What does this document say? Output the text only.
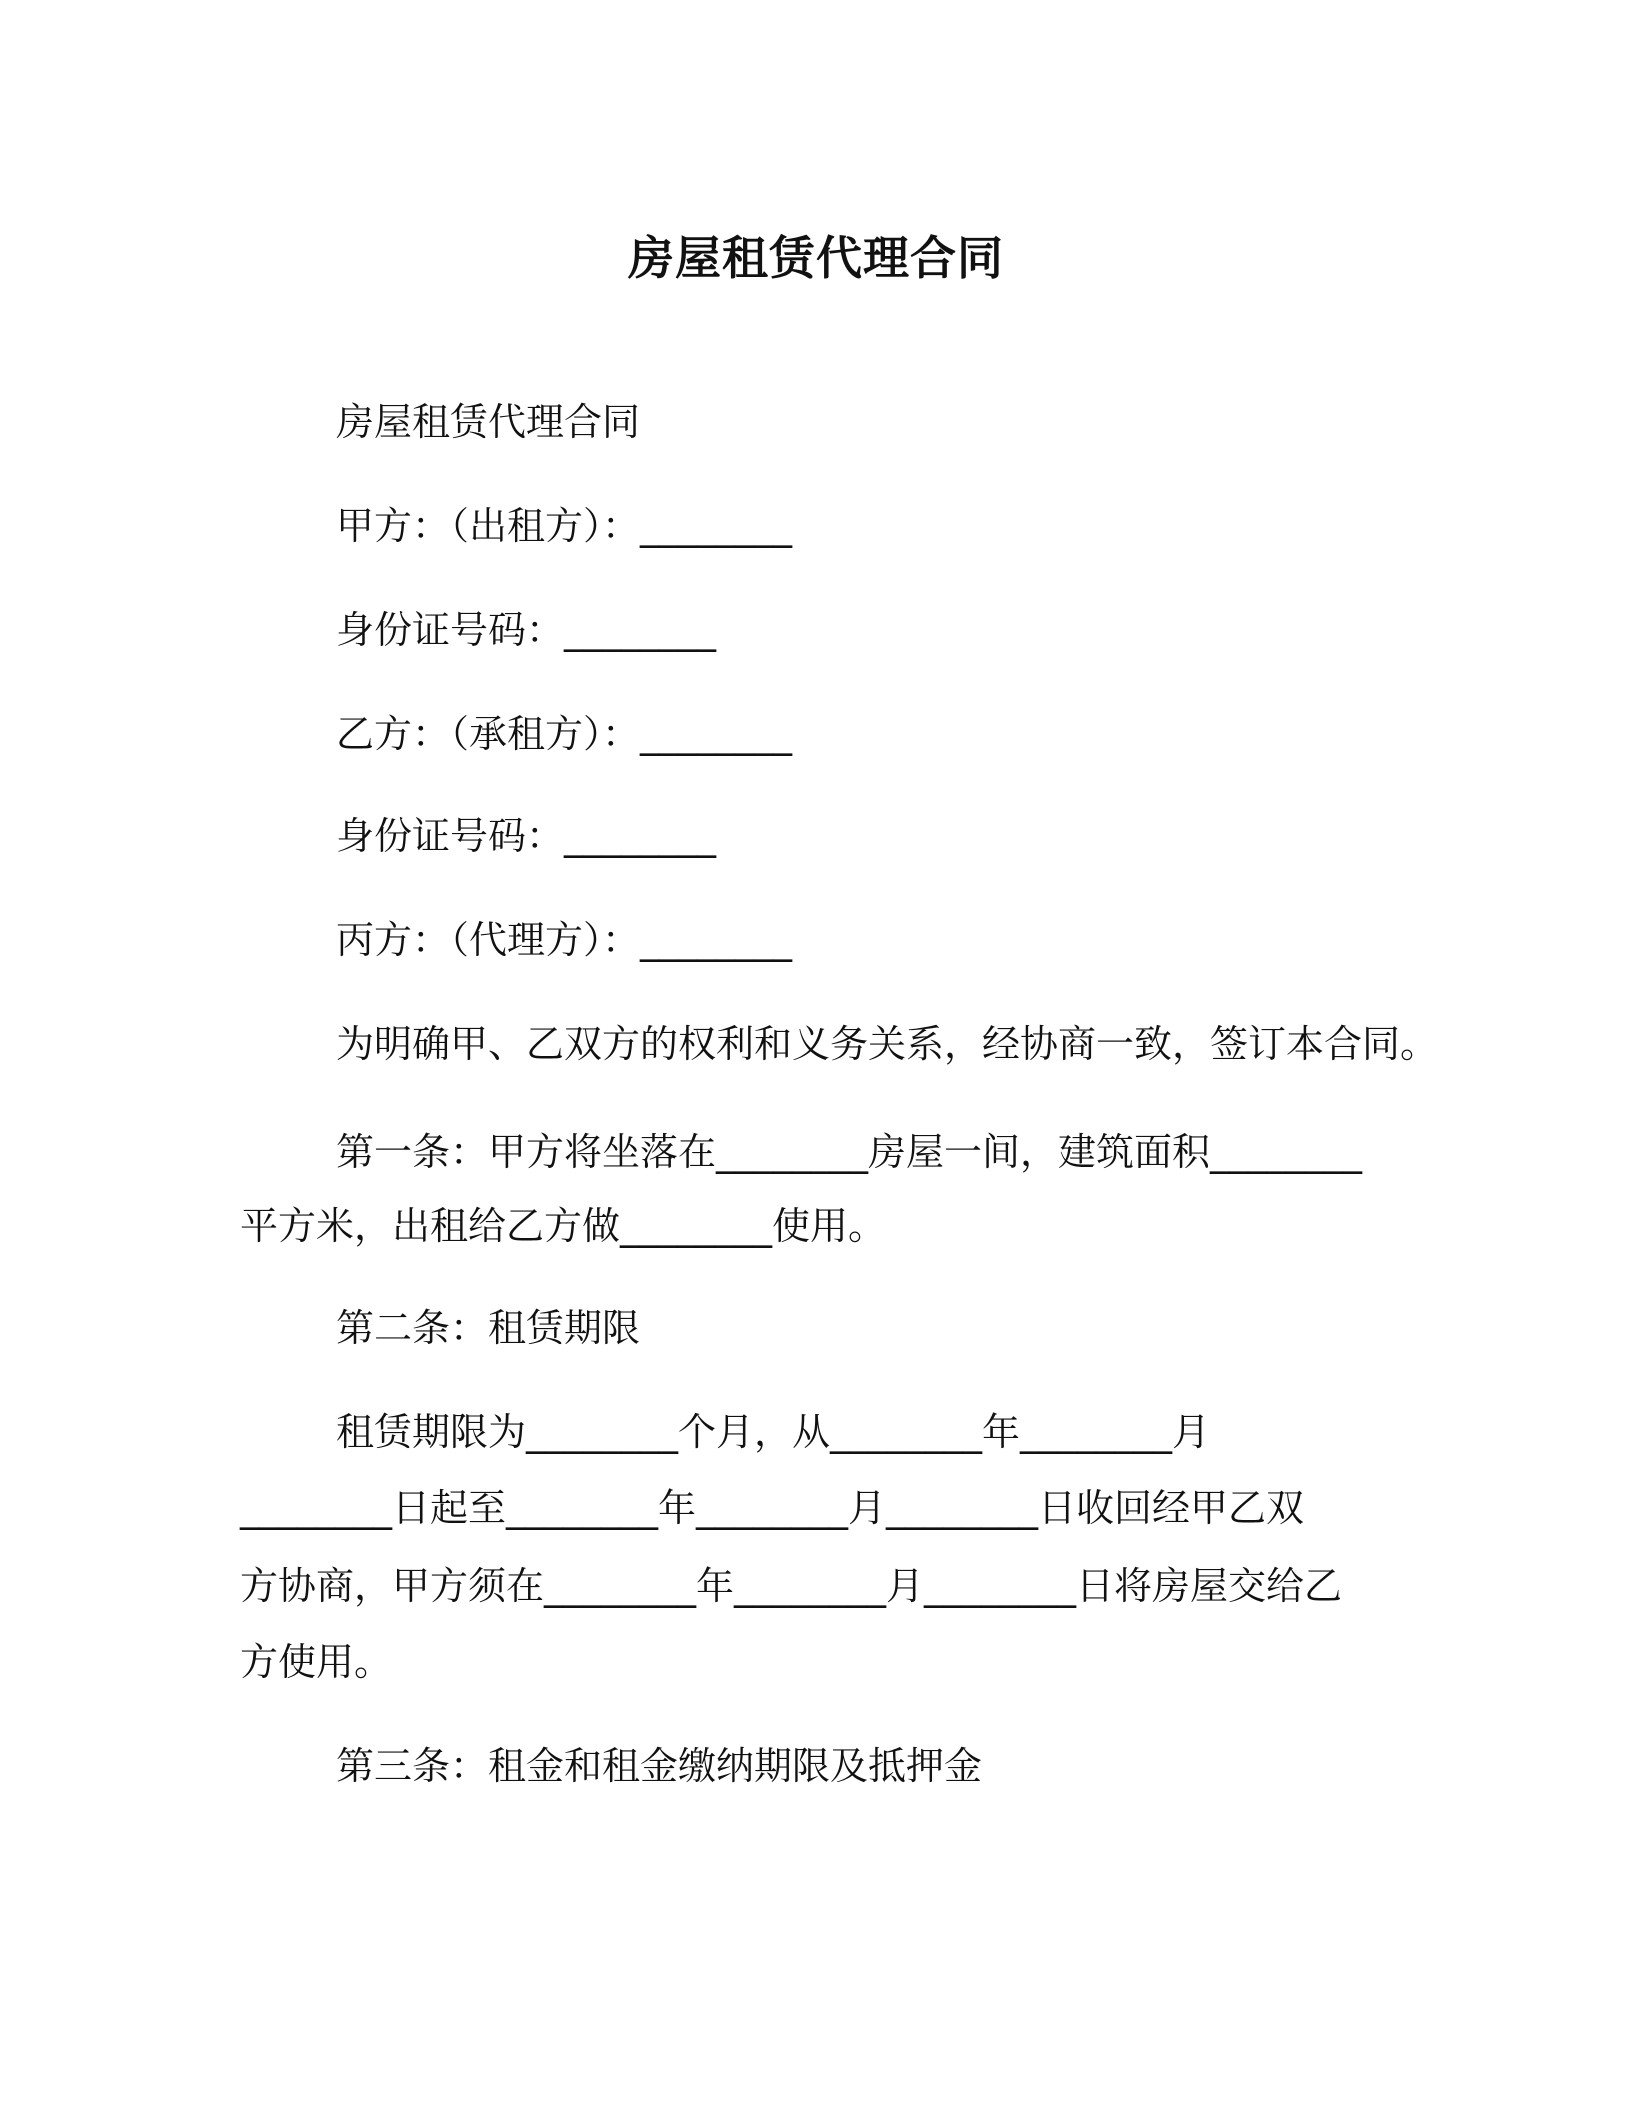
房屋租赁代理合同
房屋租赁代理合同
甲方：（出租方）：________
身份证号码：________
乙方：（承租方）：________
身份证号码：________
丙方：（代理方）：________
为明确甲、乙双方的权利和义务关系，经协商一致，签订本合同。
第一条：甲方将坐落在________房屋一间，建筑面积________
平方米，出租给乙方做________使用。
第二条：租赁期限
租赁期限为________个月，从________年________月
________日起至________年________月________日收回经甲乙双
方协商，甲方须在________年________月________日将房屋交给乙
方使用。
第三条：租金和租金缴纳期限及抵押金
